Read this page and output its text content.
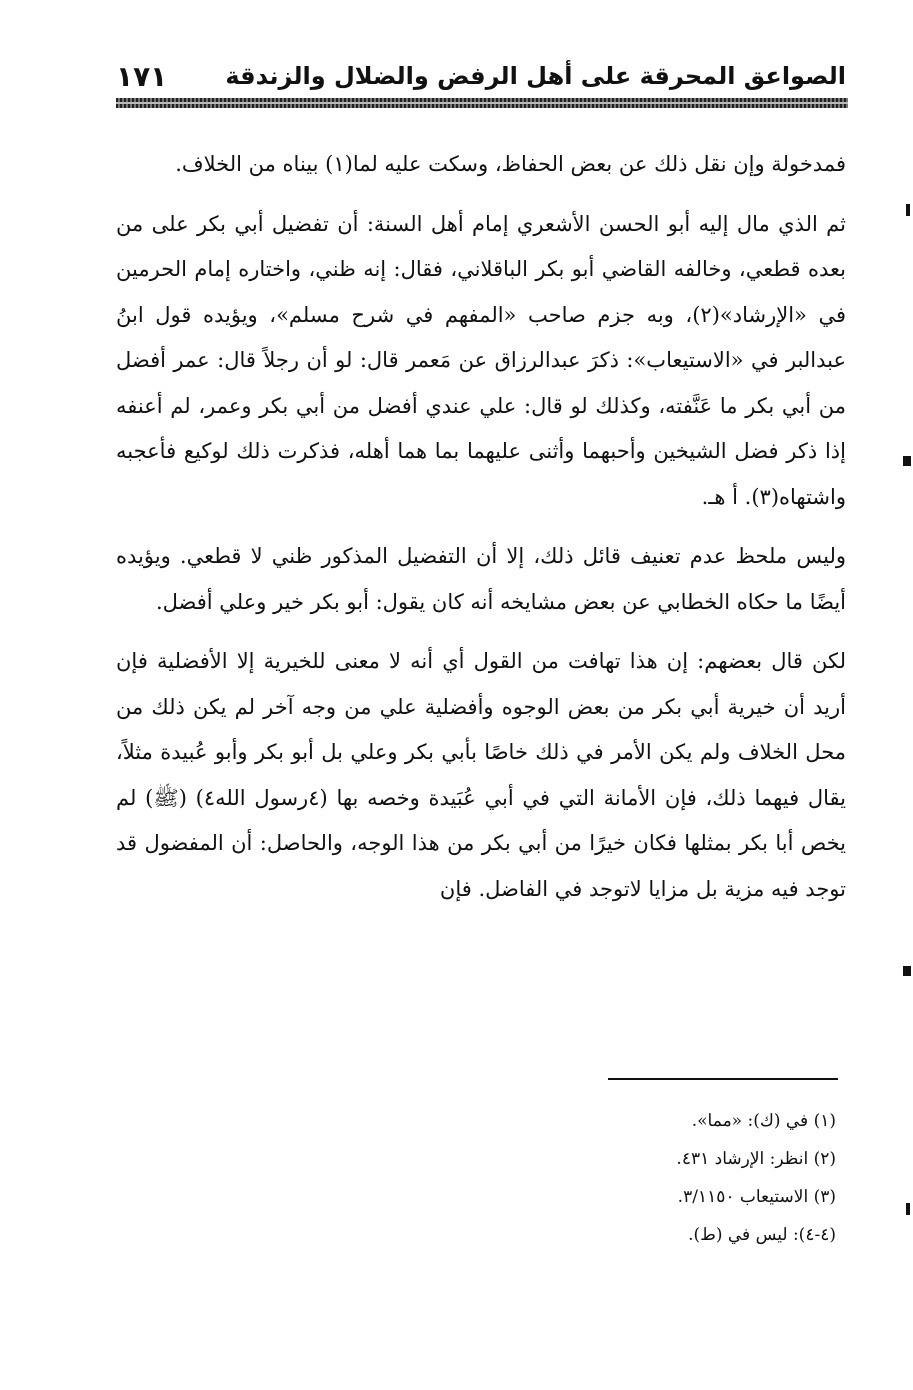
الصواعق المحرقة على أهل الرفض والضلال والزندقة
١٧١

فمدخولة وإن نقل ذلك عن بعض الحفاظ، وسكت عليه لما(١) بيناه من الخلاف.

ثم الذي مال إليه أبو الحسن الأشعري إمام أهل السنة: أن تفضيل أبي بكر على من بعده قطعي، وخالفه القاضي أبو بكر الباقلاني، فقال: إنه ظني، واختاره إمام الحرمين في «الإرشاد»(٢)، وبه جزم صاحب «المفهم في شرح مسلم»، ويؤيده قول ابنُ عبدالبر في «الاستيعاب»: ذكرَ عبدالرزاق عن مَعمر قال: لو أن رجلاً قال: عمر أفضل من أبي بكر ما عَنَّفته، وكذلك لو قال: علي عندي أفضل من أبي بكر وعمر، لم أعنفه إذا ذكر فضل الشيخين وأحبهما وأثنى عليهما بما هما أهله، فذكرت ذلك لوكيع فأعجبه واشتهاه(٣). أ هـ.

وليس ملحظ عدم تعنيف قائل ذلك، إلا أن التفضيل المذكور ظني لا قطعي. ويؤيده أيضًا ما حكاه الخطابي عن بعض مشايخه أنه كان يقول: أبو بكر خير وعلي أفضل.

لكن قال بعضهم: إن هذا تهافت من القول أي أنه لا معنى للخيرية إلا الأفضلية فإن أريد أن خيرية أبي بكر من بعض الوجوه وأفضلية علي من وجه آخر لم يكن ذلك من محل الخلاف ولم يكن الأمر في ذلك خاصًا بأبي بكر وعلي بل أبو بكر وأبو عُبيدة مثلاً، يقال فيهما ذلك، فإن الأمانة التي في أبي عُبَيدة وخصه بها (٤رسول الله٤) (ﷺ) لم يخص أبا بكر بمثلها فكان خيرًا من أبي بكر من هذا الوجه، والحاصل: أن المفضول قد توجد فيه مزية بل مزايا لاتوجد في الفاضل. فإن

(١) في (ك): «مما».

(٢) انظر: الإرشاد ٤٣١.

(٣) الاستيعاب ٣/١١٥٠.

(٤-٤): ليس في (ط).
